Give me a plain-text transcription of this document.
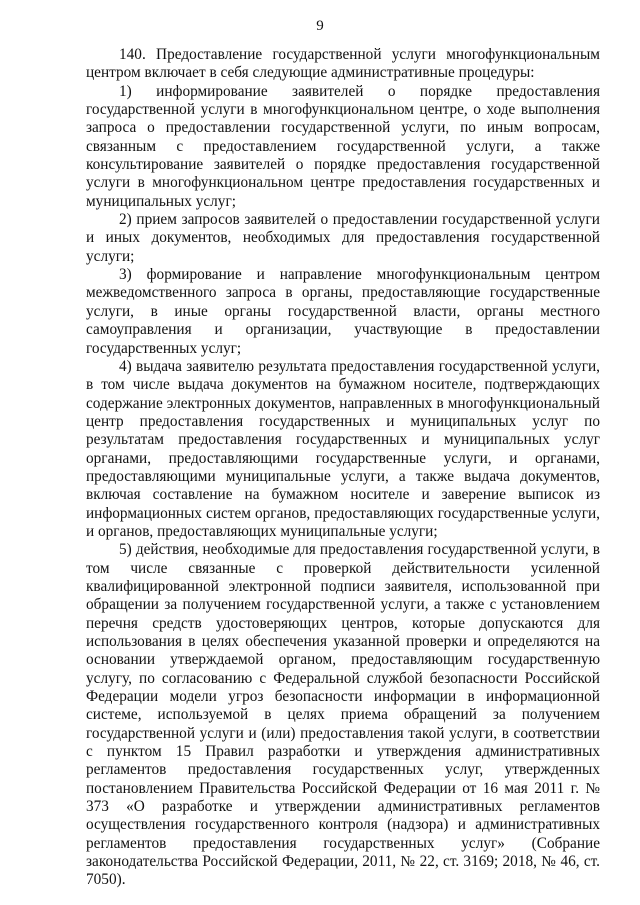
9

140. Предоставление государственной услуги многофункциональным центром включает в себя следующие административные процедуры:

1) информирование заявителей о порядке предоставления государственной услуги в многофункциональном центре, о ходе выполнения запроса о предоставлении государственной услуги, по иным вопросам, связанным с предоставлением государственной услуги, а также консультирование заявителей о порядке предоставления государственной услуги в многофункциональном центре предоставления государственных и муниципальных услуг;

2) прием запросов заявителей о предоставлении государственной услуги и иных документов, необходимых для предоставления государственной услуги;

3) формирование и направление многофункциональным центром межведомственного запроса в органы, предоставляющие государственные услуги, в иные органы государственной власти, органы местного самоуправления и организации, участвующие в предоставлении государственных услуг;

4) выдача заявителю результата предоставления государственной услуги, в том числе выдача документов на бумажном носителе, подтверждающих содержание электронных документов, направленных в многофункциональный центр предоставления государственных и муниципальных услуг по результатам предоставления государственных и муниципальных услуг органами, предоставляющими государственные услуги, и органами, предоставляющими муниципальные услуги, а также выдача документов, включая составление на бумажном носителе и заверение выписок из информационных систем органов, предоставляющих государственные услуги, и органов, предоставляющих муниципальные услуги;

5) действия, необходимые для предоставления государственной услуги, в том числе связанные с проверкой действительности усиленной квалифицированной электронной подписи заявителя, использованной при обращении за получением государственной услуги, а также с установлением перечня средств удостоверяющих центров, которые допускаются для использования в целях обеспечения указанной проверки и определяются на основании утверждаемой органом, предоставляющим государственную услугу, по согласованию с Федеральной службой безопасности Российской Федерации модели угроз безопасности информации в информационной системе, используемой в целях приема обращений за получением государственной услуги и (или) предоставления такой услуги, в соответствии с пунктом 15 Правил разработки и утверждения административных регламентов предоставления государственных услуг, утвержденных постановлением Правительства Российской Федерации от 16 мая 2011 г. № 373 «О разработке и утверждении административных регламентов осуществления государственного контроля (надзора) и административных регламентов предоставления государственных услуг» (Собрание законодательства Российской Федерации, 2011, № 22, ст. 3169; 2018, № 46, ст. 7050).
